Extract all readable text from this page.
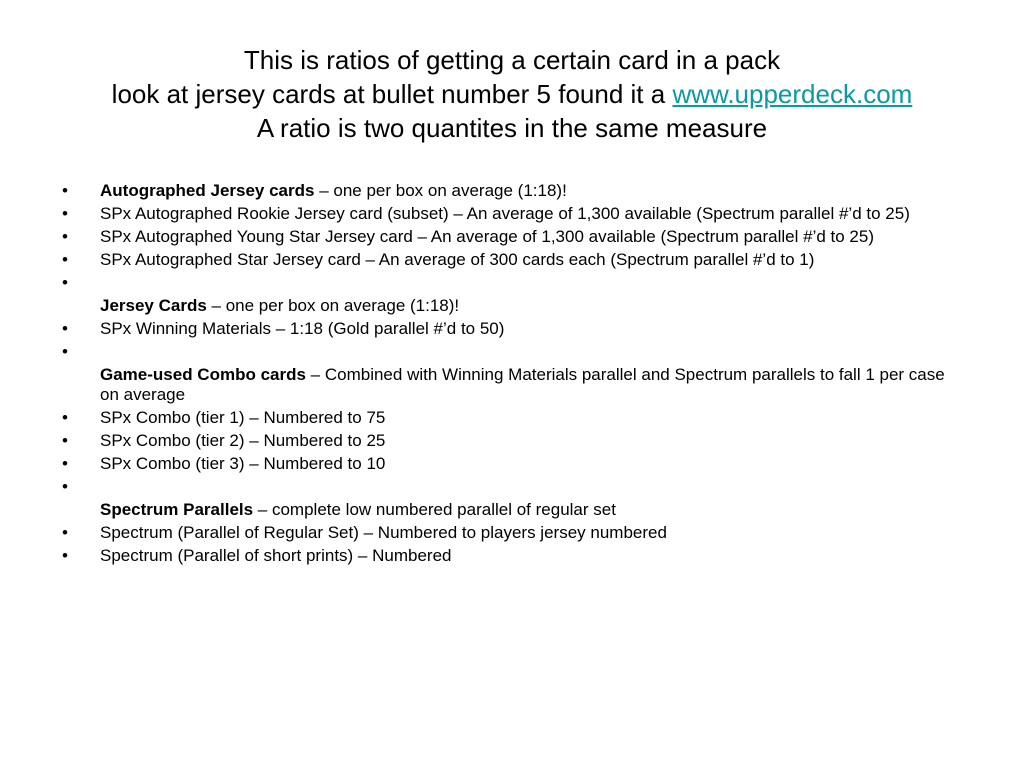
This is ratios of getting a certain card in a pack
look at jersey cards at bullet number 5 found it a www.upperdeck.com
A ratio is two quantites in the same measure
• Autographed Jersey cards – one per box on average (1:18)!
• SPx Autographed Rookie Jersey card (subset) – An average of 1,300 available (Spectrum parallel #’d to 25)
• SPx Autographed Young Star Jersey card – An average of 1,300 available (Spectrum parallel #’d to 25)
• SPx Autographed Star Jersey card – An average of 300 cards each (Spectrum parallel #’d to 1)
•
Jersey Cards – one per box on average (1:18)!
• SPx Winning Materials – 1:18 (Gold parallel #’d to 50)
•
Game-used Combo cards – Combined with Winning Materials parallel and Spectrum parallels to fall 1 per case on average
• SPx Combo (tier 1) – Numbered to 75
• SPx Combo (tier 2) – Numbered to 25
• SPx Combo (tier 3) – Numbered to 10
•
Spectrum Parallels – complete low numbered parallel of regular set
• Spectrum (Parallel of Regular Set) – Numbered to players jersey numbered
• Spectrum (Parallel of short prints) – Numbered
